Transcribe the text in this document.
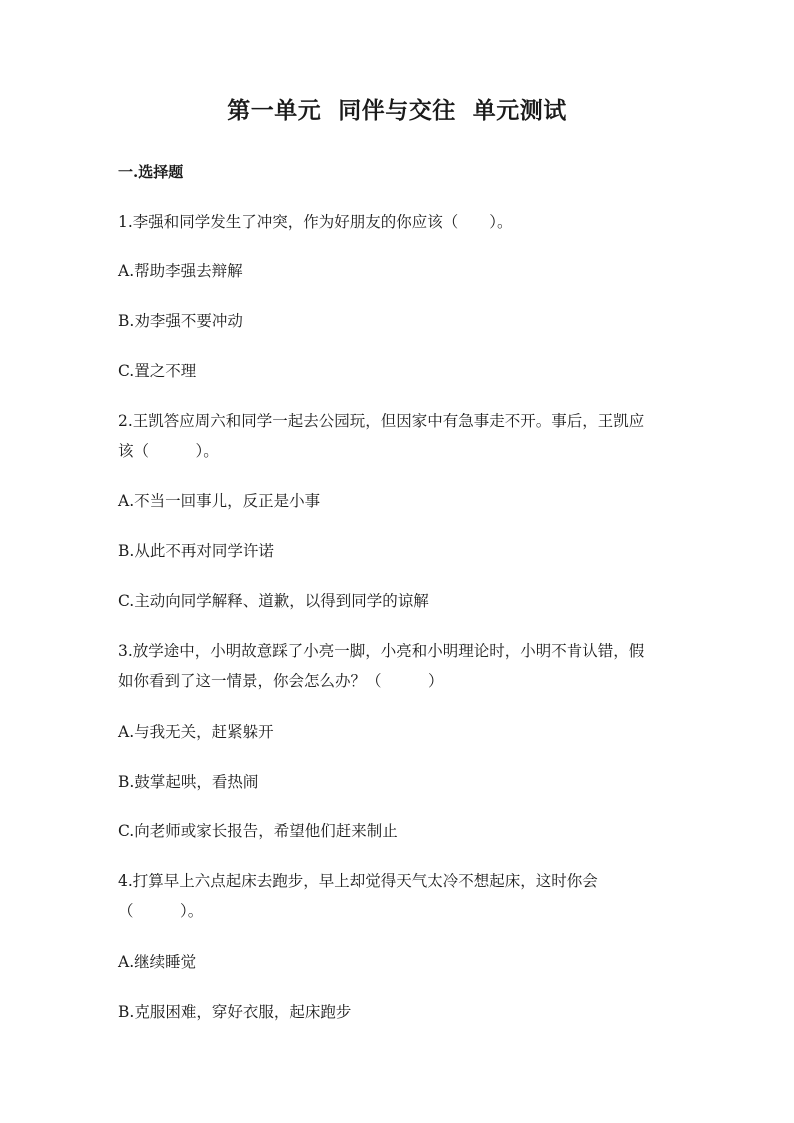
第一单元  同伴与交往  单元测试
一.选择题
1.李强和同学发生了冲突，作为好朋友的你应该（　　）。
A.帮助李强去辩解
B.劝李强不要冲动
C.置之不理
2.王凯答应周六和同学一起去公园玩，但因家中有急事走不开。事后，王凯应
该（　　　）。
A.不当一回事儿，反正是小事
B.从此不再对同学许诺
C.主动向同学解释、道歉，以得到同学的谅解
3.放学途中，小明故意踩了小亮一脚，小亮和小明理论时，小明不肯认错，假
如你看到了这一情景，你会怎么办？（　　　）
A.与我无关，赶紧躲开
B.鼓掌起哄，看热闹
C.向老师或家长报告，希望他们赶来制止
4.打算早上六点起床去跑步，早上却觉得天气太冷不想起床，这时你会
（　　　）。
A.继续睡觉
B.克服困难，穿好衣服，起床跑步
